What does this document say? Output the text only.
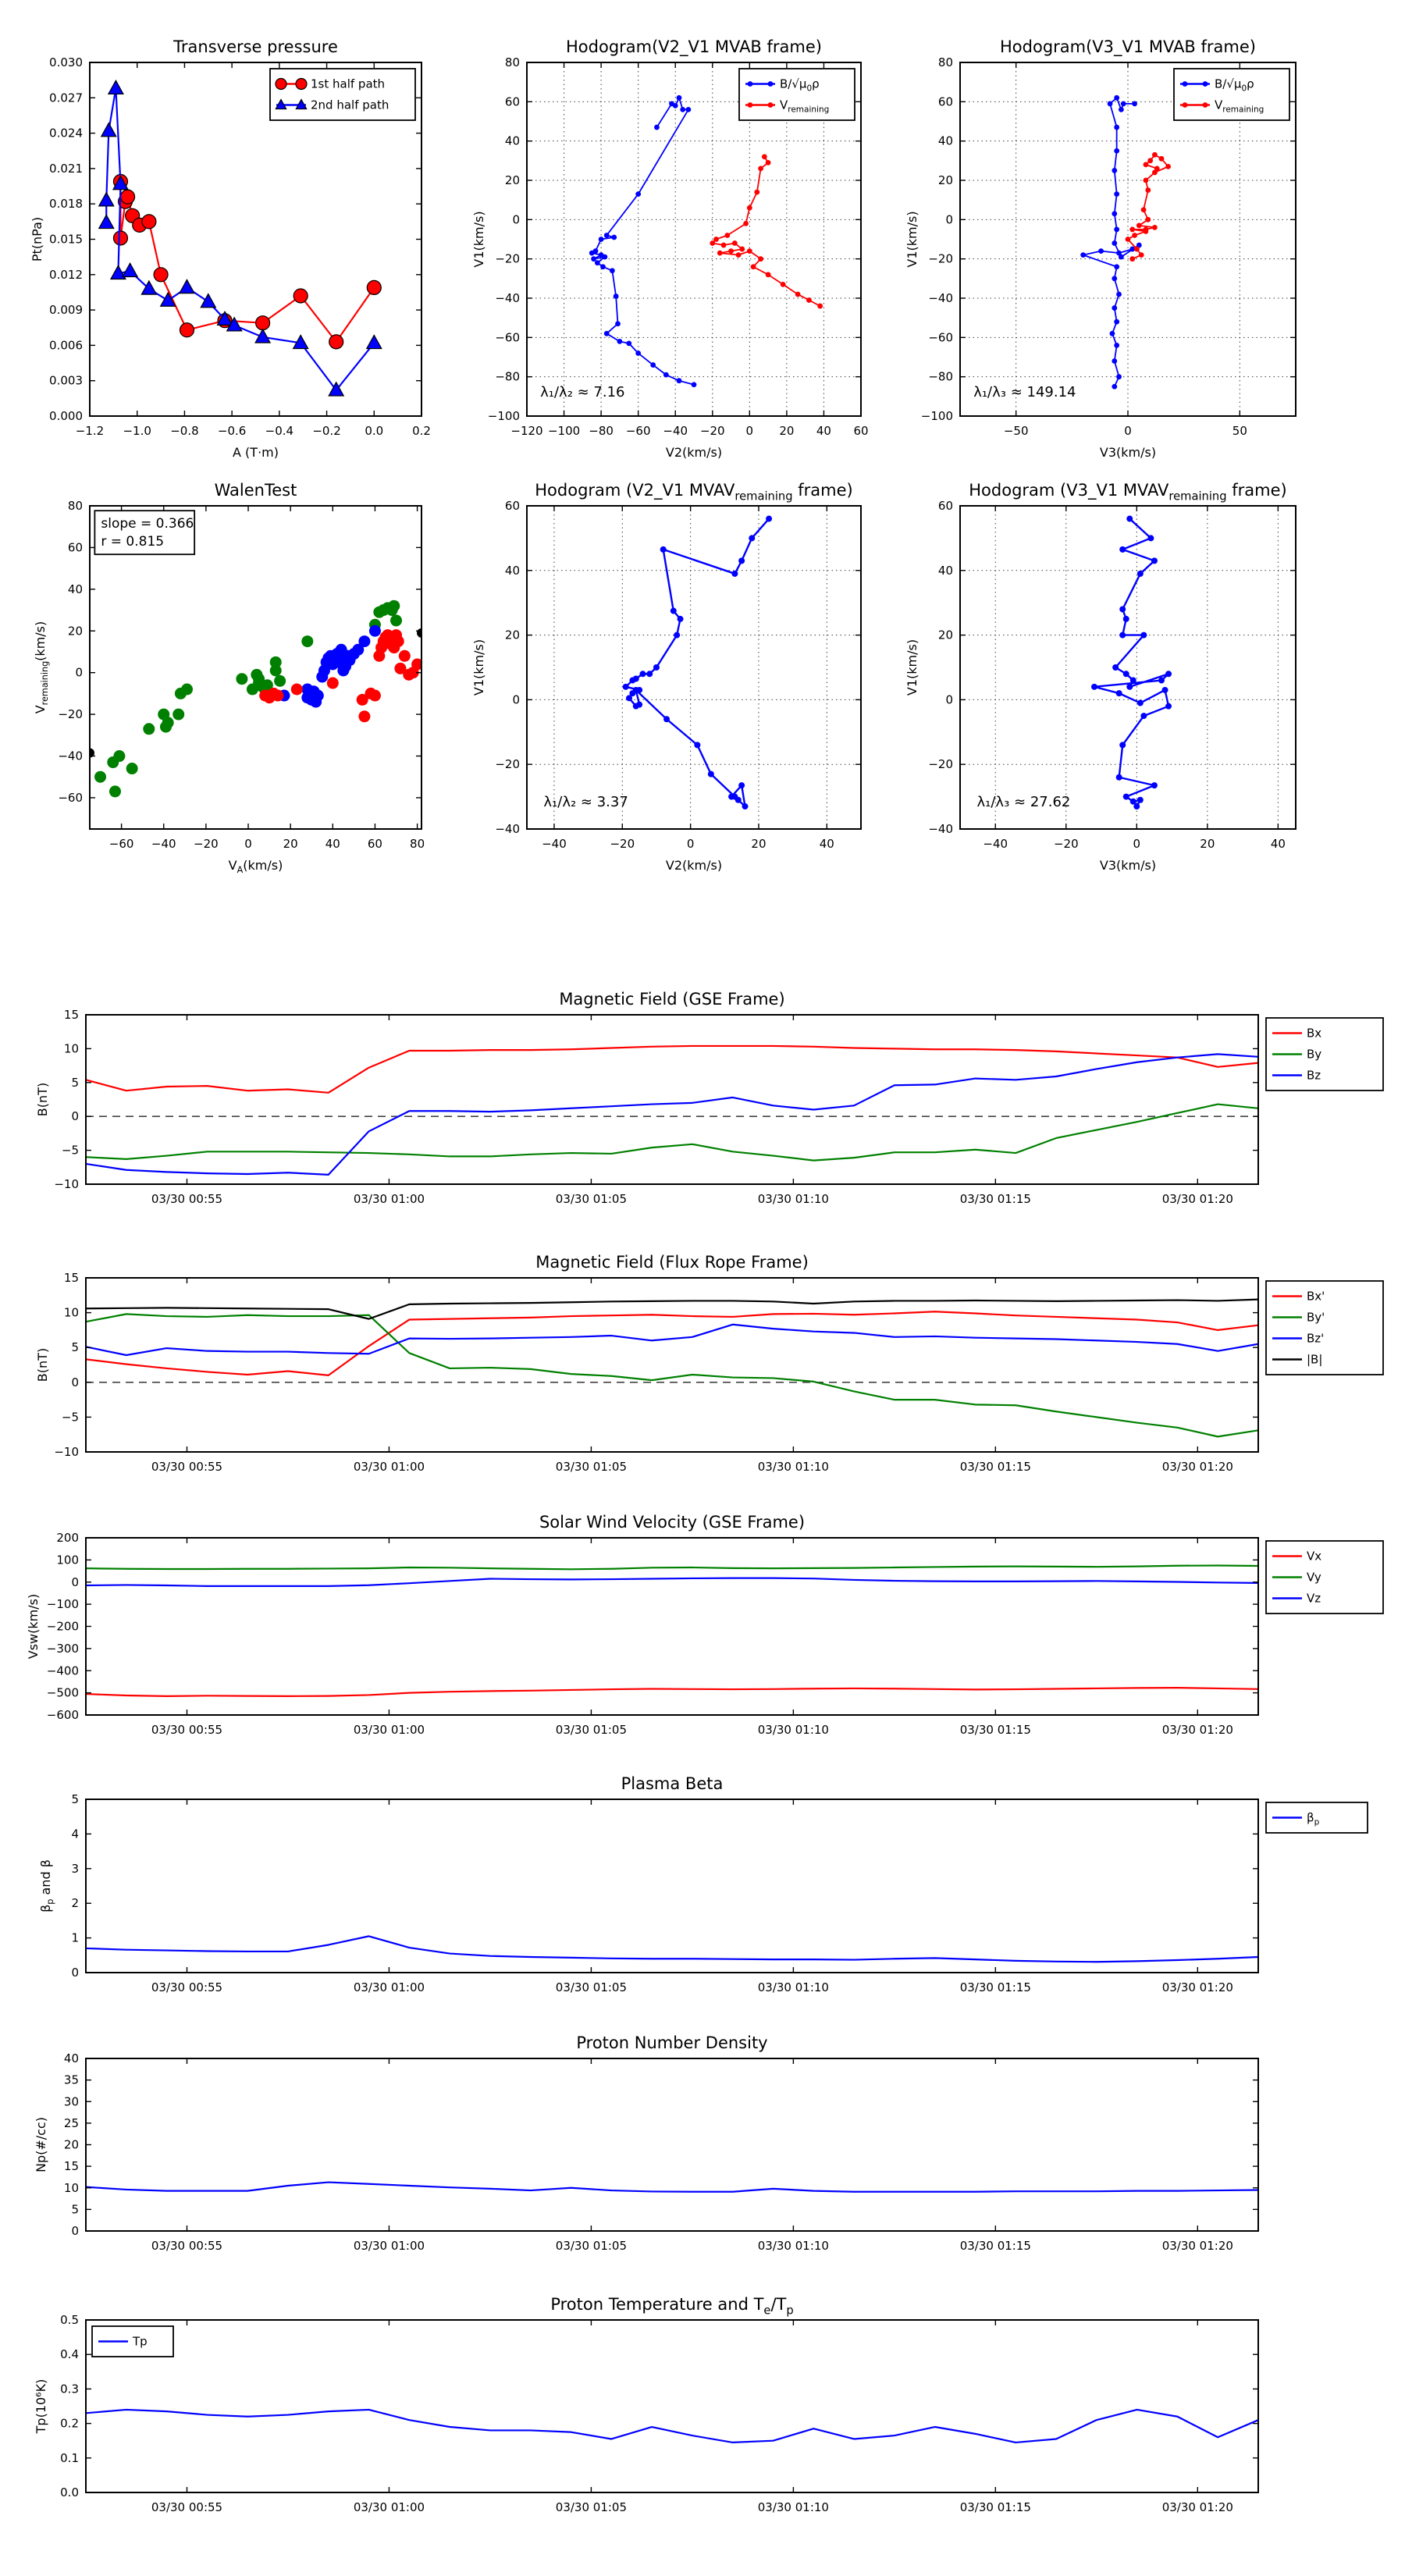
−1.2 −1.0 −0.8 −0.6 −0.4 −0.2 0.0 0.2
0.000
0.003
0.006
0.009
0.012
0.015
0.018
0.021
0.024
0.027
0.030
Transverse pressure
A (T·m)
Pt(nPa)
1st half path
2nd half path
−120 −100 −80 −60 −40 −20 0 20 40 60
−100
−80
−60
−40
−20
0
20
40
60
80
Hodogram(V2_V1 MVAB frame)
V2(km/s)
V1(km/s)
λ₁/λ₂ ≈ 7.16
$B/√\mu_0\rho$
$V_{remaining}$
−50	0	50
−100
−80
−60
−40
−20
0
20
40
60
80
Hodogram(V3_V1 MVAB frame)
V3(km/s)
V1(km/s)
λ₁/λ₃ ≈ 149.14
$B/√\mu_0\rho$
$V_{remaining}$
−60 −40 −20 0	20 40 60 80
−60
−40
−20
0
20
40
60
80
WalenTest
$V_A(km/s)$
$V_{remaining}(km/s)$
slope = 0.366
r = 0.815
−40	−20	0	20	40
−40
−20
0
20
40
60
Hodogram (V2_V1 $MVAV_{remaining}$ frame)
V2(km/s)
V1(km/s)
λ₁/λ₂ ≈ 3.37
−40	−20	0	20	40
−40
−20
0
20
40
60
Hodogram (V3_V1 $MVAV_{remaining}$ frame)
V3(km/s)
V1(km/s)
λ₁/λ₃ ≈ 27.62
03/30 00:55	03/30 01:00	03/30 01:05	03/30 01:10	03/30 01:15	03/30 01:20
−10
−5
0
5
10
15
Magnetic Field (GSE Frame)
B(nT)
Bx
By
Bz
03/30 00:55	03/30 01:00	03/30 01:05	03/30 01:10	03/30 01:15	03/30 01:20
−10
−5
0
5
10
15
Magnetic Field (Flux Rope Frame)
B(nT)
Bx'
By'
Bz'
|B|
03/30 00:55	03/30 01:00	03/30 01:05	03/30 01:10	03/30 01:15	03/30 01:20
−600
−500
−400
−300
−200
−100
0
100
200
Solar Wind Velocity (GSE Frame)
Vsw(km/s)
Vx
Vy
Vz
03/30 00:55	03/30 01:00	03/30 01:05	03/30 01:10	03/30 01:15	03/30 01:20
0
1
2
3
4
5
Plasma Beta
$\beta_p$ and β
$\beta_p$
03/30 00:55	03/30 01:00	03/30 01:05	03/30 01:10	03/30 01:15	03/30 01:20
0
5
10
15
20
25
30
35
40
Proton Number Density
Np(#/cc)
03/30 00:55	03/30 01:00	03/30 01:05	03/30 01:10	03/30 01:15	03/30 01:20
0.0
0.1
0.2
0.3
0.4
0.5
Proton Temperature and $T_e/T_p$
Tp(10⁶K)
Tp
